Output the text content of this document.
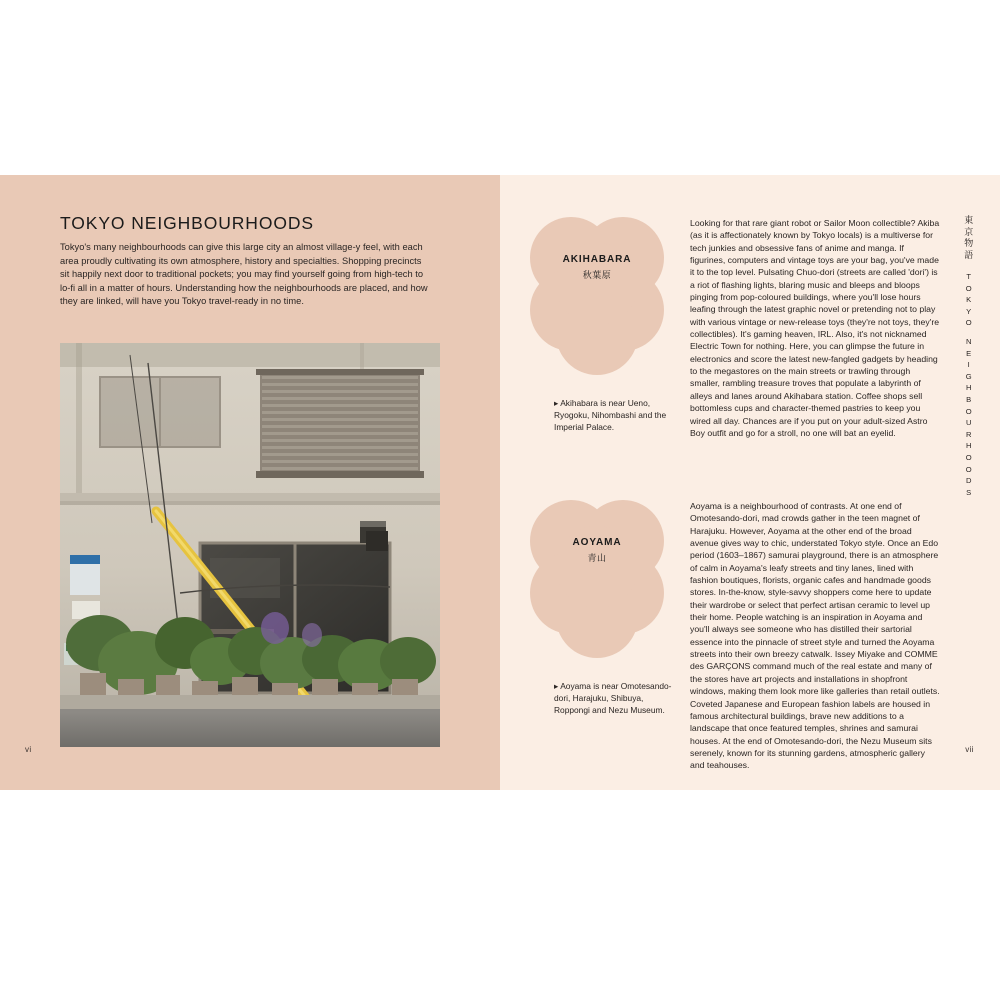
TOKYO NEIGHBOURHOODS
Tokyo's many neighbourhoods can give this large city an almost village-y feel, with each area proudly cultivating its own atmosphere, history and specialties. Shopping precincts sit happily next door to traditional pockets; you may find yourself going from high-tech to lo-fi all in a matter of hours. Understanding how the neighbourhoods are placed, and how they are linked, will have you Tokyo travel-ready in no time.
vi
AKIHABARA
秋葉原
▸ Akihabara is near Ueno, Ryogoku, Nihombashi and the Imperial Palace.
Looking for that rare giant robot or Sailor Moon collectible? Akiba (as it is affectionately known by Tokyo locals) is a multiverse for tech junkies and obsessive fans of anime and manga. If figurines, computers and vintage toys are your bag, you've made it to the top level. Pulsating Chuo-dori (streets are called 'dori') is a riot of flashing lights, blaring music and bleeps and bloops pinging from pop-coloured buildings, where you'll lose hours leafing through the latest graphic novel or pretending not to play with various vintage or new-release toys (they're not toys, they're collectibles). It's gaming heaven, IRL. Also, it's not nicknamed Electric Town for nothing. Here, you can glimpse the future in electronics and score the latest new-fangled gadgets by heading to the megastores on the main streets or trawling through smaller, rambling treasure troves that populate a labyrinth of alleys and lanes around Akihabara station. Coffee shops sell bottomless cups and character-themed pastries to keep you wired all day. Chances are if you put on your adult-sized Astro Boy outfit and go for a stroll, no one will bat an eyelid.
AOYAMA
青山
▸ Aoyama is near Omotesando-dori, Harajuku, Shibuya, Roppongi and Nezu Museum.
Aoyama is a neighbourhood of contrasts. At one end of Omotesando-dori, mad crowds gather in the teen magnet of Harajuku. However, Aoyama at the other end of the broad avenue gives way to chic, understated Tokyo style. Once an Edo period (1603–1867) samurai playground, there is an atmosphere of calm in Aoyama's leafy streets and tiny lanes, lined with fashion boutiques, florists, organic cafes and handmade goods stores. In-the-know, style-savvy shoppers come here to update their wardrobe or select that perfect artisan ceramic to level up their home. People watching is an inspiration in Aoyama and you'll always see someone who has distilled their sartorial essence into the pinnacle of street style and turned the Aoyama streets into their own breezy catwalk. Issey Miyake and COMME des GARÇONS command much of the real estate and many of the stores have art projects and installations in shopfront windows, making them look more like galleries than retail outlets. Coveted Japanese and European fashion labels are housed in famous architectural buildings, brave new additions to a landscape that once featured temples, shrines and samurai houses. At the end of Omotesando-dori, the Nezu Museum sits serenely, known for its stunning gardens, atmospheric gallery and teahouses.
東
京
物
語
T
O
K
Y
O
N
E
I
G
H
B
O
U
R
H
O
O
D
S
vii
